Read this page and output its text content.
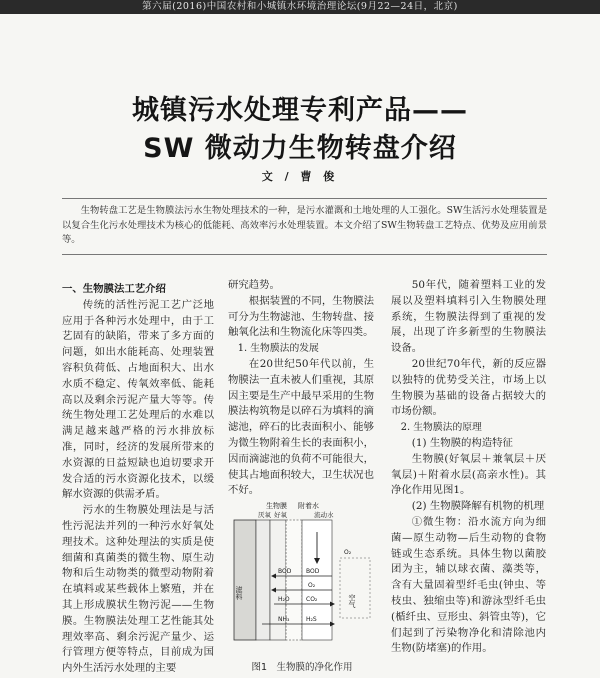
第六届(2016)中国农村和小城镇水环境治理论坛(9月22—24日，北京)
城镇污水处理专利产品——
SW 微动力生物转盘介绍
文 / 曹 俊
生物转盘工艺是生物膜法污水生物处理技术的一种，是污水灌溉和土地处理的人工强化。SW生活污水处理装置是以复合生化污水处理技术为核心的低能耗、高效率污水处理装置。本文介绍了SW生物转盘工艺特点、优势及应用前景等。

一、生物膜法工艺介绍

传统的活性污泥工艺广泛地应用于各种污水处理中，由于工艺固有的缺陷，带来了多方面的问题，如出水能耗高、处理装置容积负荷低、占地面积大、出水水质不稳定、传氧效率低、能耗高以及剩余污泥产量大等等。传统生物处理工艺处理后的水难以满足越来越严格的污水排放标准，同时，经济的发展所带来的水资源的日益短缺也迫切要求开发合适的污水资源化技术，以缓解水资源的供需矛盾。

污水的生物膜处理法是与活性污泥法并列的一种污水好氧处理技术。这种处理法的实质是使细菌和真菌类的微生物、原生动物和后生动物类的微型动物附着在填料或某些载体上繁殖，并在其上形成膜状生物污泥——生物膜。生物膜法处理工艺性能其处理效率高、剩余污泥产量少、运行管理方便等特点，目前成为国内外生活污水处理的主要

研究趋势。

根据装置的不同，生物膜法可分为生物滤池、生物转盘、接触氧化法和生物流化床等四类。

1. 生物膜法的发展

在20世纪50年代以前，生物膜法一直未被人们重视，其原因主要是生产中最早采用的生物膜法构筑物是以碎石为填料的滴滤池，碎石的比表面积小、能够为微生物附着生长的表面积小，因而滴滤池的负荷不可能很大，使其占地面积较大，卫生状况也不好。

50年代，随着塑料工业的发展以及塑料填料引入生物膜处理系统，生物膜法得到了重视的发展，出现了许多新型的生物膜法设备。

20世纪70年代，新的反应器以独特的优势受关注，市场上以生物膜为基础的设备占据较大的市场份额。

2. 生物膜法的原理

(1) 生物膜的构造特征

生物膜(好氧层＋兼氧层＋厌氧层)＋附着水层(高亲水性)。其净化作用见图1。

(2) 生物膜降解有机物的机理

①微生物：沿水流方向为细菌—原生动物—后生动物的食物链或生态系统。具体生物以菌胶团为主，辅以球衣菌、藻类等，含有大量固着型纤毛虫(钟虫、等枝虫、独缩虫等)和游泳型纤毛虫(楯纤虫、豆形虫、斜管虫等)，它们起到了污染物净化和清除池内生物(防堵塞)的作用。

生物膜 附着水
厌氧 好氧	流动水
滤料
空气
BOD
BOD
O₂
H₂O	CO₂
NH₃	H₂S
O₂
图1　生物膜的净化作用
